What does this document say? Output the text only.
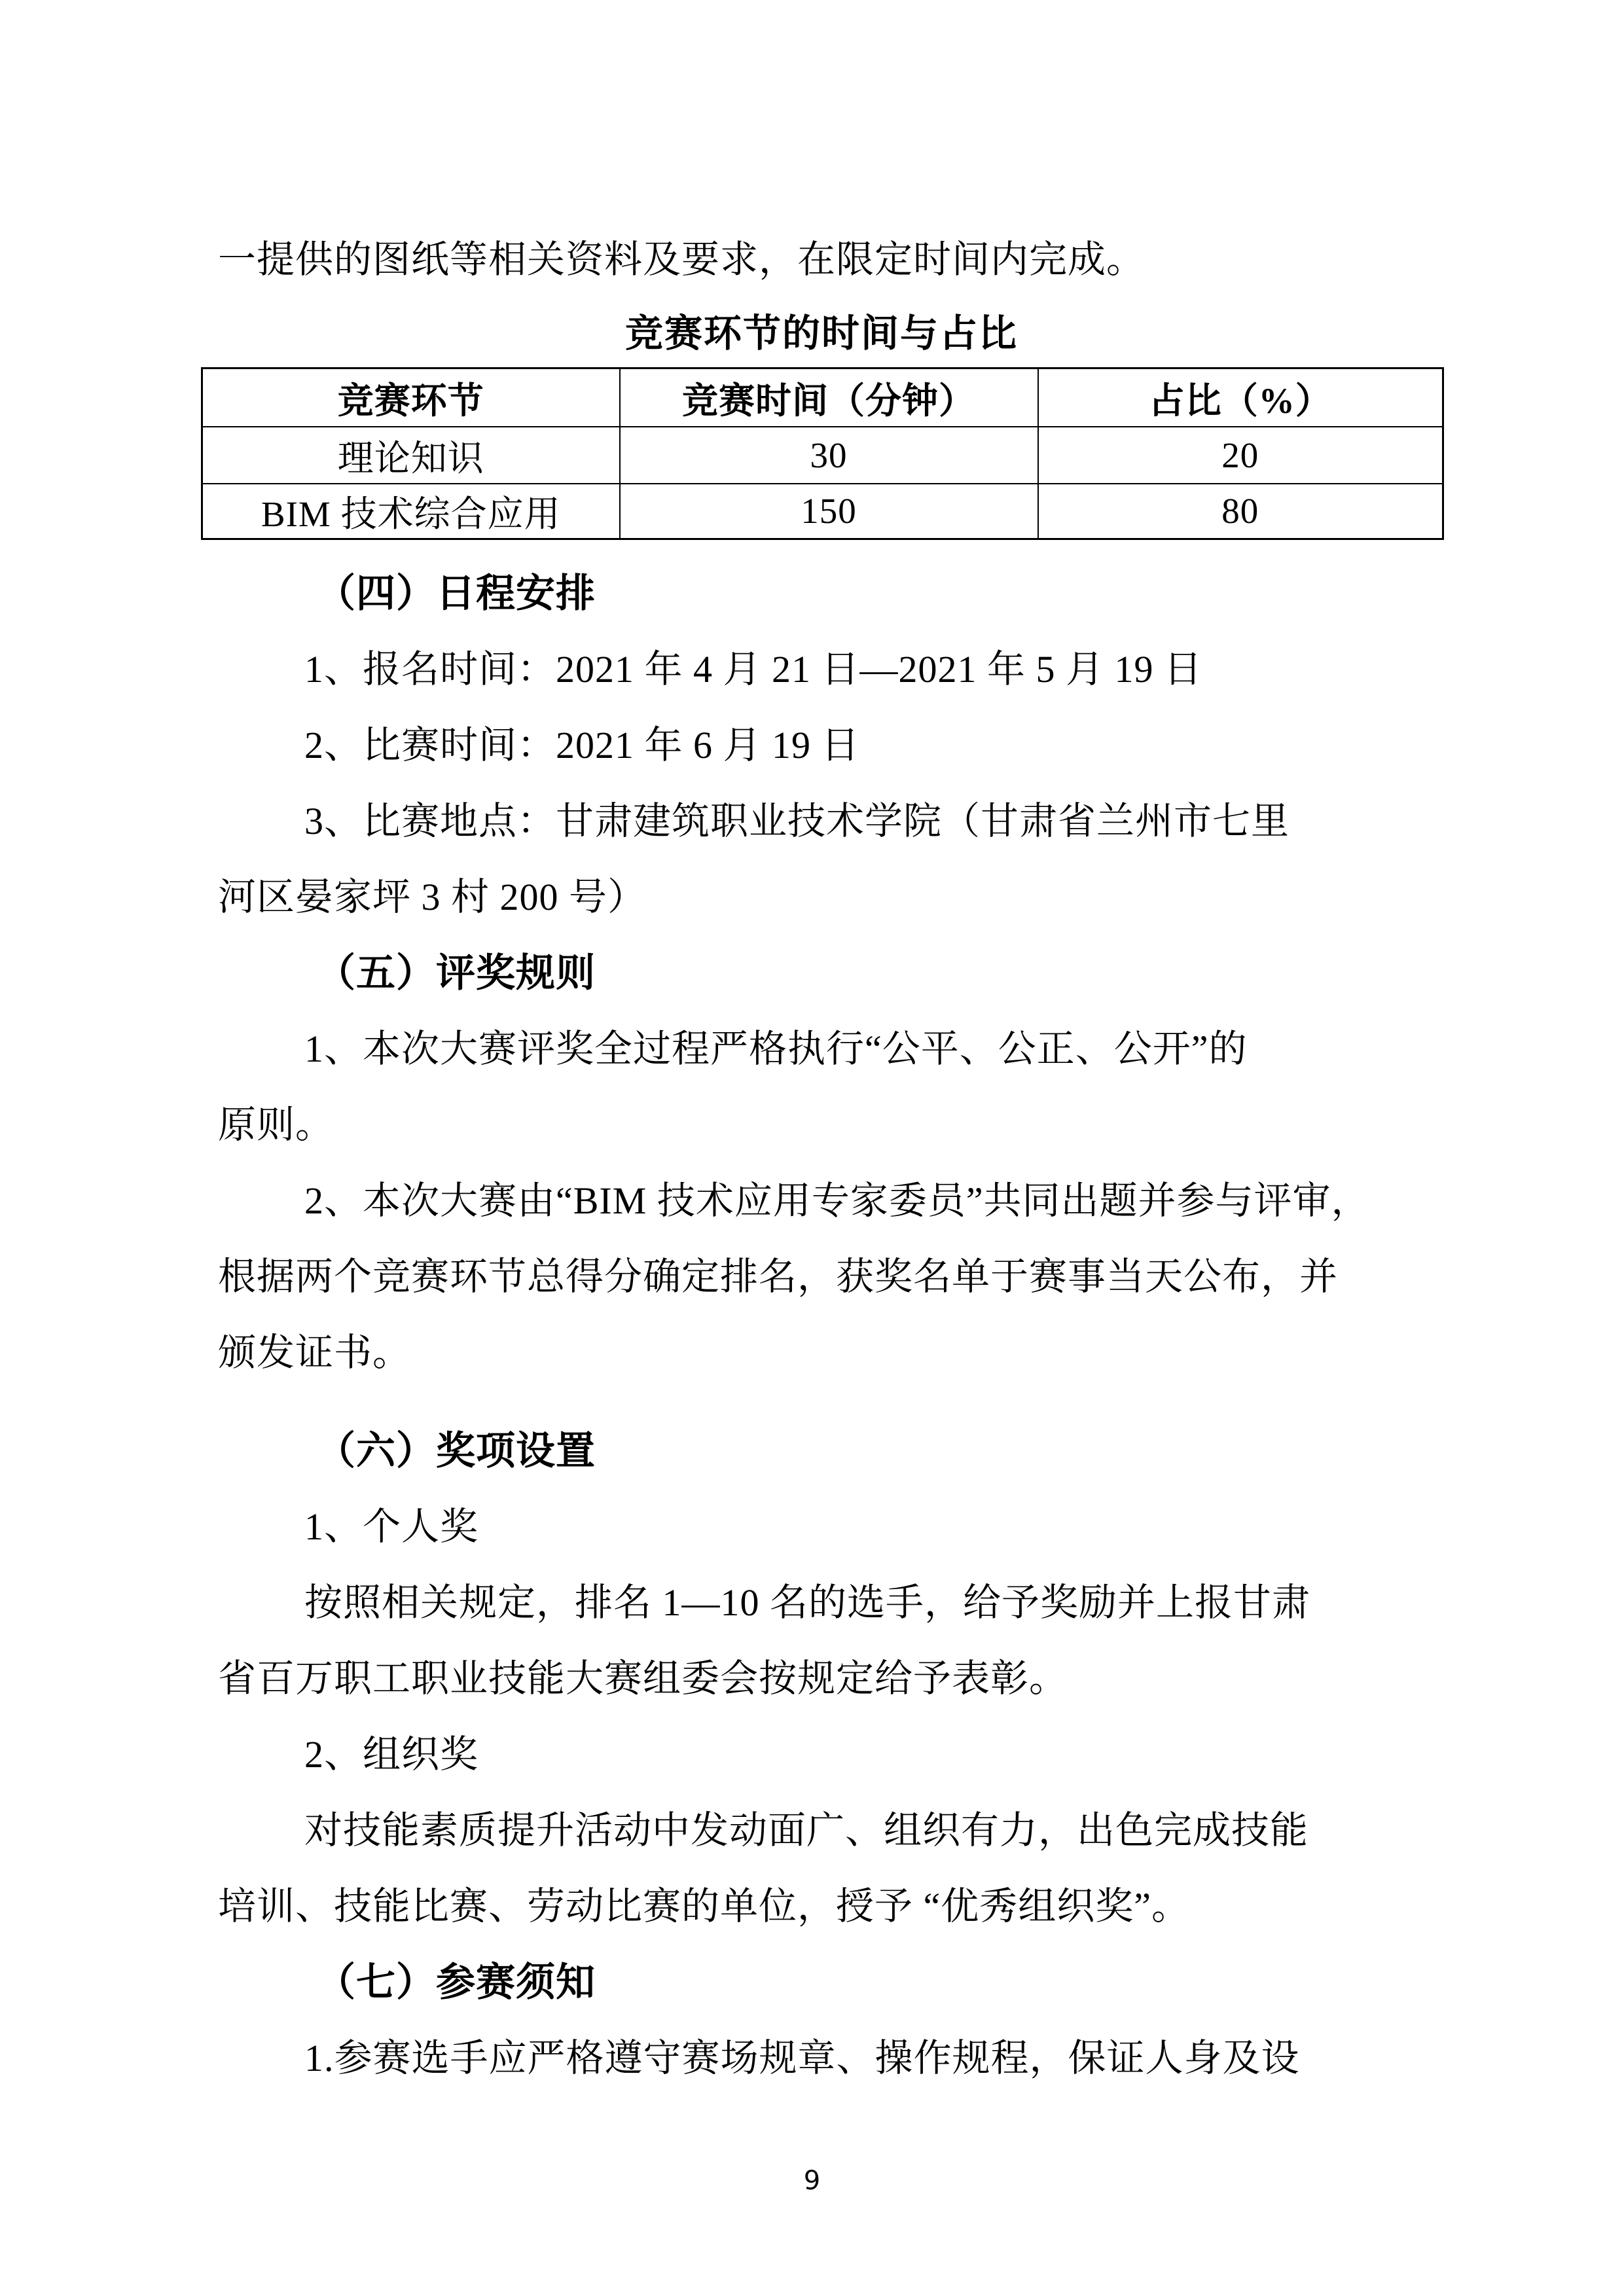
一提供的图纸等相关资料及要求，在限定时间内完成。
竞赛环节的时间与占比
竞赛环节	竞赛时间（分钟）	占比（%）
理论知识	30	20
BIM 技术综合应用	150	80
（四）日程安排
1、报名时间：2021 年 4 月 21 日—2021 年 5 月 19 日
2、比赛时间：2021 年 6 月 19 日
3、比赛地点：甘肃建筑职业技术学院（甘肃省兰州市七里
河区晏家坪 3 村 200 号）
（五）评奖规则
1、本次大赛评奖全过程严格执行“公平、公正、公开”的
原则。
2、本次大赛由“BIM 技术应用专家委员”共同出题并参与评审，
根据两个竞赛环节总得分确定排名，获奖名单于赛事当天公布，并
颁发证书。
（六）奖项设置
1、个人奖
按照相关规定，排名 1—10 名的选手，给予奖励并上报甘肃
省百万职工职业技能大赛组委会按规定给予表彰。
2、组织奖
对技能素质提升活动中发动面广、组织有力，出色完成技能
培训、技能比赛、劳动比赛的单位，授予 “优秀组织奖”。
（七）参赛须知
1.参赛选手应严格遵守赛场规章、操作规程，保证人身及设
9
